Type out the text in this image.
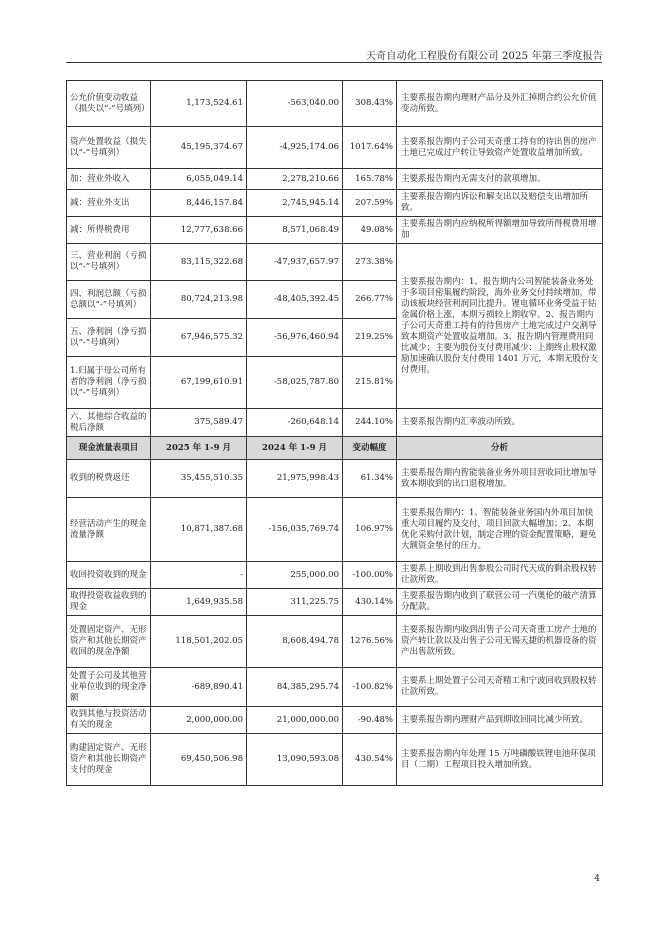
天奇自动化工程股份有限公司 2025 年第三季度报告
公允价值变动收益（损失以“-”号填列）	1,173,524.61	-563,040.00	308.43%	主要系报告期内理财产品分及外汇掉期合约公允价值变动所致。
资产处置收益（损失以“-”号填列）	45,195,374.67	-4,925,174.06	1017.64%	主要系报告期内子公司天奇重工持有的待出售的房产土地已完成过户转让导致资产处置收益增加所致。
加：营业外收入	6,055,049.14	2,278,210.66	165.78%	主要系报告期内无需支付的款项增加。
减：营业外支出	8,446,157.84	2,745,945.14	207.59%	主要系报告期内诉讼和解支出以及赔偿支出增加所致。
减：所得税费用	12,777,638.66	8,571,068.49	49.08%	主要系报告期内应纳税所得额增加导致所得税费用增加
三、营业利润（亏损以“-”号填列）	83,115,322.68	-47,937,657.97	273.38%	主要系报告期内：1、报告期内公司智能装备业务处于多项目密集履约阶段，海外业务交付持续增加，带动该板块经营利润同比提升。锂电循环业务受益于钴金属价格上涨，本期亏损较上期收窄。2、报告期内子公司天奇重工持有的待售房产土地完成过户交割导致本期资产处置收益增加。3、报告期内管理费用同比减少；主要为股份支付费用减少：上期终止股权激励加速确认股份支付费用 1401 万元，本期无股份支付费用。
四、利润总额（亏损总额以“-”号填列）	80,724,213.98	-48,405,392.45	266.77%	
五、净利润（净亏损以“-”号填列）	67,946,575.32	-56,976,460.94	219.25%	
1.归属于母公司所有者的净利润（净亏损以“-”号填列）	67,199,610.91	-58,025,787.80	215.81%	
六、其他综合收益的税后净额	375,589.47	-260,648.14	244.10%	主要系报告期内汇率波动所致。
现金流量表项目	2025 年 1-9 月	2024 年 1-9 月	变动幅度	分析
收到的税费返还	35,455,510.35	21,975,998.43	61.34%	主要系报告期内智能装备业务外项目营收同比增加导致本期收到的出口退税增加。
经营活动产生的现金流量净额	10,871,387.68	-156,035,769.74	106.97%	主要系报告期内：1、智能装备业务国内外项目加快重大项目履约及交付，项目回款大幅增加；2、本期优化采购付款计划，制定合理的资金配置策略，避免大额资金垫付的压力。
收回投资收到的现金	-	255,000.00	-100.00%	主要系上期收到出售参股公司时代天成的剩余股权转让款所致。
取得投资收益收到的现金	1,649,935.58	311,225.75	430.14%	主要系报告期内收到了联营公司一汽奥伦的破产清算分配款。
处置固定资产、无形资产和其他长期资产收回的现金净额	118,501,202.05	8,608,494.78	1276.56%	主要系报告期内收到出售子公司天奇重工房产土地的资产转让款以及出售子公司无锡天捷的机器设备的资产出售款所致。
处置子公司及其他营业单位收到的现金净额	-689,890.41	84,385,295.74	-100.82%	主要系上期处置子公司天奇精工和宁波回收到股权转让款所致。
收到其他与投资活动有关的现金	2,000,000.00	21,000,000.00	-90.48%	主要系报告期内理财产品到期收回同比减少所致。
购建固定资产、无形资产和其他长期资产支付的现金	69,450,506.98	13,090,593.08	430.54%	主要系报告期内年处理 15 万吨磷酸铁锂电池环保项目（二期）工程项目投入增加所致。
4
